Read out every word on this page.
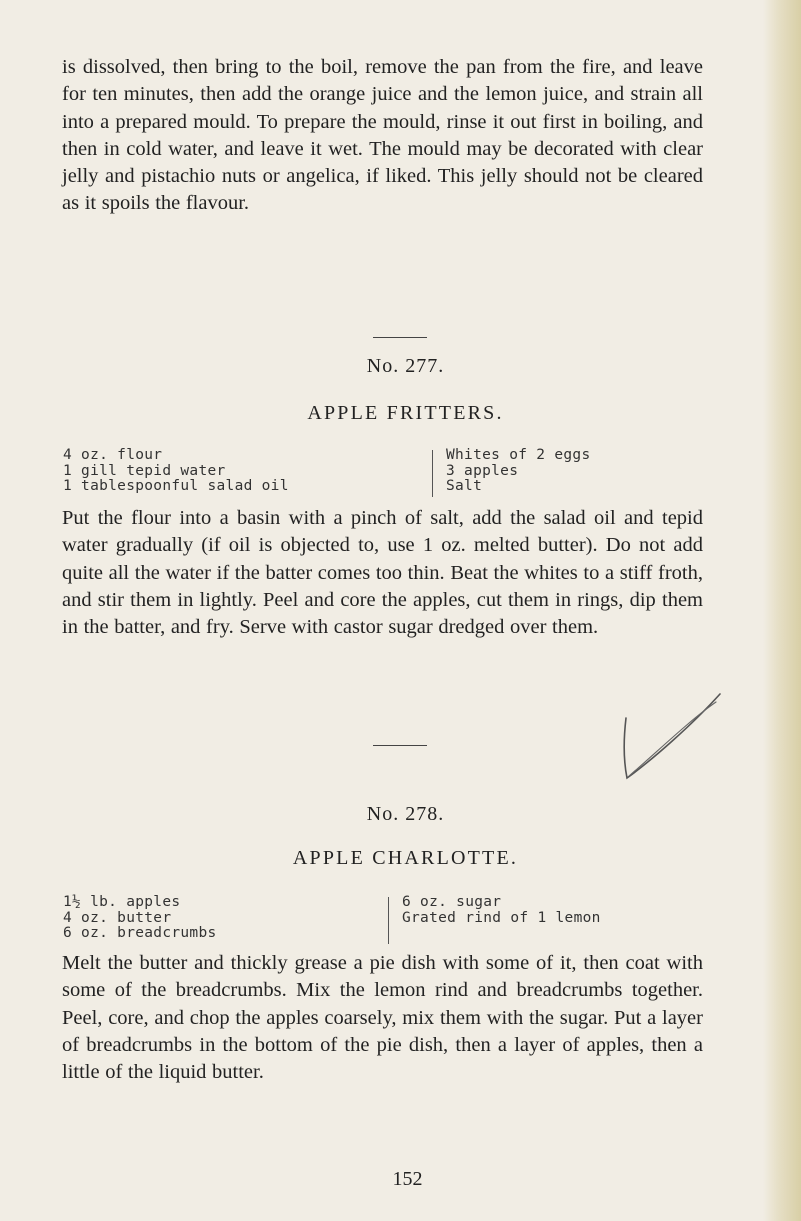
is dissolved, then bring to the boil, remove the pan from the fire, and leave for ten minutes, then add the orange juice and the lemon juice, and strain all into a prepared mould. To prepare the mould, rinse it out first in boiling, and then in cold water, and leave it wet. The mould may be decorated with clear jelly and pistachio nuts or angelica, if liked. This jelly should not be cleared as it spoils the flavour.

No. 277.
APPLE FRITTERS.
4 oz. flour
1 gill tepid water
1 tablespoonful salad oil
Whites of 2 eggs
3 apples
Salt

Put the flour into a basin with a pinch of salt, add the salad oil and tepid water gradually (if oil is objected to, use 1 oz. melted butter). Do not add quite all the water if the batter comes too thin. Beat the whites to a stiff froth, and stir them in lightly. Peel and core the apples, cut them in rings, dip them in the batter, and fry. Serve with castor sugar dredged over them.

No. 278.
APPLE CHARLOTTE.
1½ lb. apples
4 oz. butter
6 oz. breadcrumbs
6 oz. sugar
Grated rind of 1 lemon

Melt the butter and thickly grease a pie dish with some of it, then coat with some of the breadcrumbs. Mix the lemon rind and breadcrumbs together. Peel, core, and chop the apples coarsely, mix them with the sugar. Put a layer of breadcrumbs in the bottom of the pie dish, then a layer of apples, then a little of the liquid butter.

152
